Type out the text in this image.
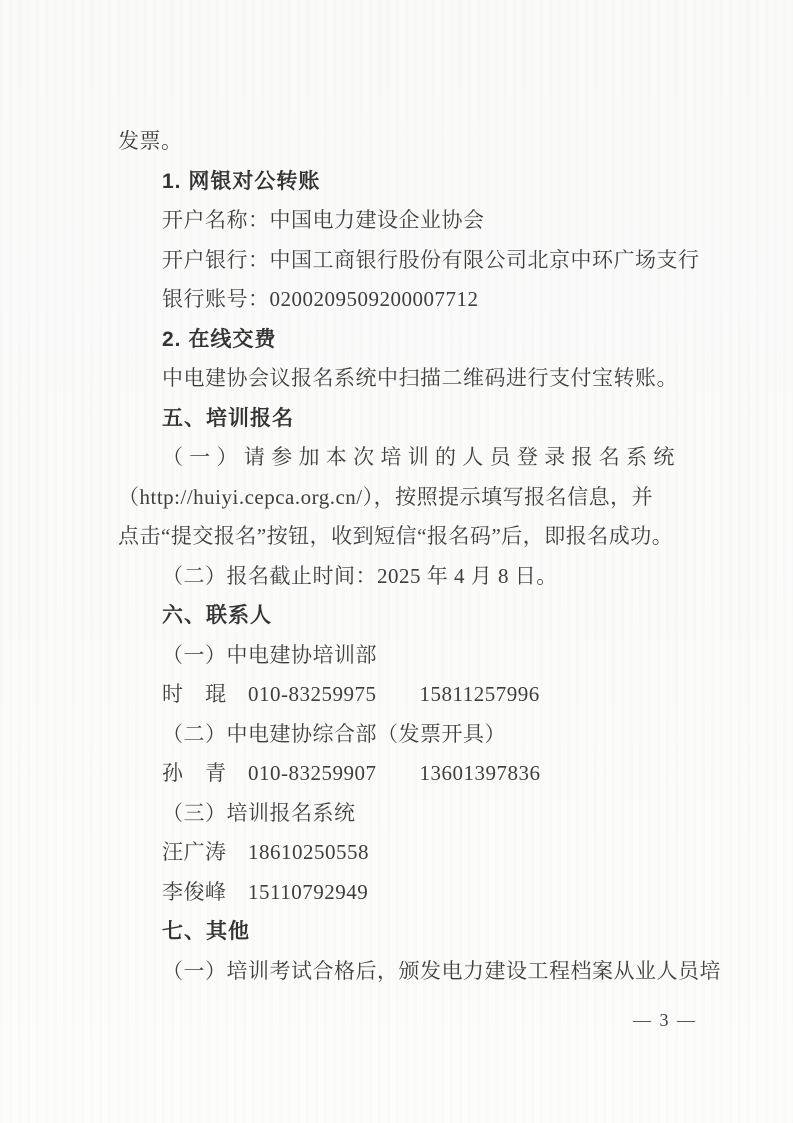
发票。
1. 网银对公转账
开户名称：中国电力建设企业协会
开户银行：中国工商银行股份有限公司北京中环广场支行
银行账号：0200209509200007712
2. 在线交费
中电建协会议报名系统中扫描二维码进行支付宝转账。
五、培训报名
（一）请参加本次培训的人员登录报名系统
（http://huiyi.cepca.org.cn/），按照提示填写报名信息，并
点击“提交报名”按钮，收到短信“报名码”后，即报名成功。
（二）报名截止时间：2025 年 4 月 8 日。
六、联系人
（一）中电建协培训部
时　琨　010-83259975　　15811257996
（二）中电建协综合部（发票开具）
孙　青　010-83259907　　13601397836
（三）培训报名系统
汪广涛　18610250558
李俊峰　15110792949
七、其他
（一）培训考试合格后，颁发电力建设工程档案从业人员培
— 3 —
